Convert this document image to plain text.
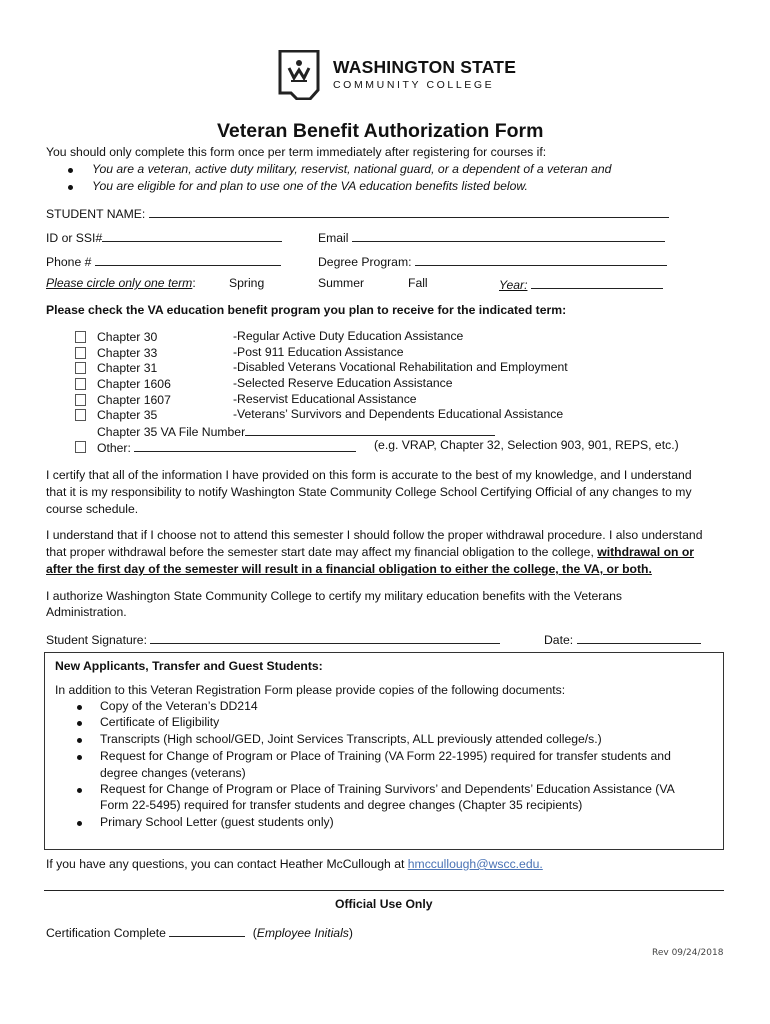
WASHINGTON STATE
COMMUNITY COLLEGE
Veteran Benefit Authorization Form
You should only complete this form once per term immediately after registering for courses if:
You are a veteran, active duty military, reservist, national guard, or a dependent of a veteran and
You are eligible for and plan to use one of the VA education benefits listed below.
STUDENT NAME:
ID or SSI#	Email
Phone #	Degree Program:
Please circle only one term:	Spring	Summer	Fall	Year:
Please check the VA education benefit program you plan to receive for the indicated term:
Chapter 30	-Regular Active Duty Education Assistance
Chapter 33	-Post 911 Education Assistance
Chapter 31	-Disabled Veterans Vocational Rehabilitation and Employment
Chapter 1606	-Selected Reserve Education Assistance
Chapter 1607	-Reservist Educational Assistance
Chapter 35	-Veterans’ Survivors and Dependents Educational Assistance
Chapter 35 VA File Number
Other:	(e.g. VRAP, Chapter 32, Selection 903, 901, REPS, etc.)
I certify that all of the information I have provided on this form is accurate to the best of my knowledge, and I understand
that it is my responsibility to notify Washington State Community College School Certifying Official of any changes to my
course schedule.
I understand that if I choose not to attend this semester I should follow the proper withdrawal procedure. I also understand
that proper withdrawal before the semester start date may affect my financial obligation to the college, withdrawal on or
after the first day of the semester will result in a financial obligation to either the college, the VA, or both.
I authorize Washington State Community College to certify my military education benefits with the Veterans
Administration.
Student Signature:	Date:
New Applicants, Transfer and Guest Students:
In addition to this Veteran Registration Form please provide copies of the following documents:
Copy of the Veteran’s DD214
Certificate of Eligibility
Transcripts (High school/GED, Joint Services Transcripts, ALL previously attended college/s.)
Request for Change of Program or Place of Training (VA Form 22-1995) required for transfer students and
degree changes (veterans)
Request for Change of Program or Place of Training Survivors’ and Dependents’ Education Assistance (VA
Form 22-5495) required for transfer students and degree changes (Chapter 35 recipients)
Primary School Letter (guest students only)
If you have any questions, you can contact Heather McCullough at hmccullough@wscc.edu.
Official Use Only
Certification Complete	(Employee Initials)
Rev 09/24/2018
